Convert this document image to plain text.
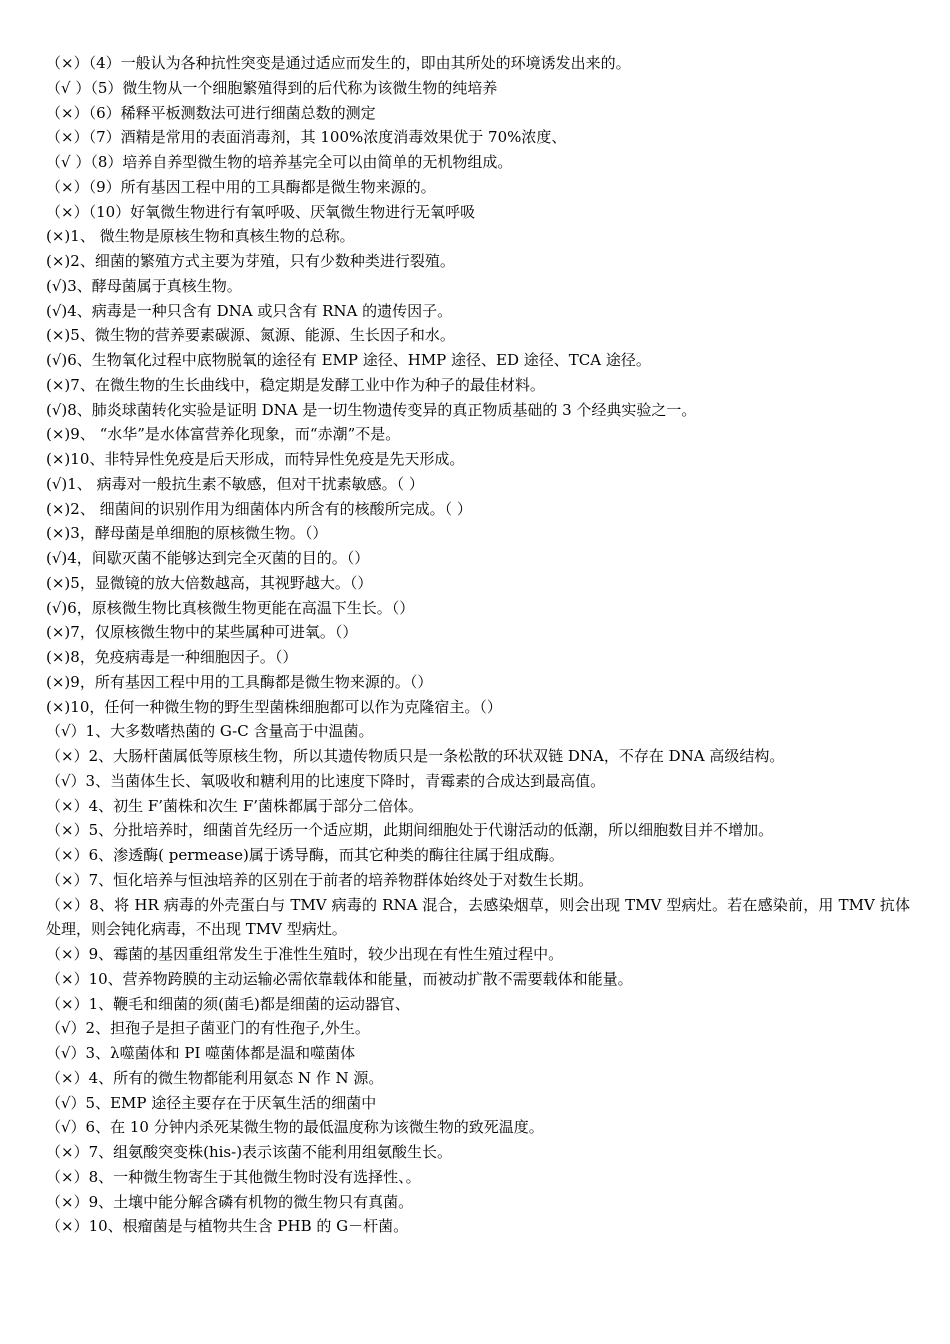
（×）（4）一般认为各种抗性突变是通过适应而发生的，即由其所处的环境诱发出来的。

（√ ）（5）微生物从一个细胞繁殖得到的后代称为该微生物的纯培养

（×）（6）稀释平板测数法可进行细菌总数的测定

（×）（7）酒精是常用的表面消毒剂，其 100%浓度消毒效果优于 70%浓度、

（√ ）（8）培养自养型微生物的培养基完全可以由简单的无机物组成。

（×）（9）所有基因工程中用的工具酶都是微生物来源的。

（×）（10）好氧微生物进行有氧呼吸、厌氧微生物进行无氧呼吸

(×)1、 微生物是原核生物和真核生物的总称。

(×)2、细菌的繁殖方式主要为芽殖，只有少数种类进行裂殖。

(√)3、酵母菌属于真核生物。

(√)4、病毒是一种只含有 DNA 或只含有 RNA 的遗传因子。

(×)5、微生物的营养要素碳源、氮源、能源、生长因子和水。

(√)6、生物氧化过程中底物脱氧的途径有 EMP 途径、HMP 途径、ED 途径、TCA 途径。

(×)7、在微生物的生长曲线中，稳定期是发酵工业中作为种子的最佳材料。

(√)8、肺炎球菌转化实验是证明 DNA 是一切生物遗传变异的真正物质基础的 3 个经典实验之一。

(×)9、 “水华”是水体富营养化现象，而“赤潮”不是。

(×)10、非特异性免疫是后天形成，而特异性免疫是先天形成。

(√)1、 病毒对一般抗生素不敏感，但对干扰素敏感。（ ）

(×)2、 细菌间的识别作用为细菌体内所含有的核酸所完成。（ ）

(×)3，酵母菌是单细胞的原核微生物。（）

(√)4，间歇灭菌不能够达到完全灭菌的目的。（）

(×)5，显微镜的放大倍数越高，其视野越大。（）

(√)6，原核微生物比真核微生物更能在高温下生长。（）

(×)7，仅原核微生物中的某些属种可进氧。（）

(×)8，免疫病毒是一种细胞因子。（）

(×)9，所有基因工程中用的工具酶都是微生物来源的。（）

(×)10，任何一种微生物的野生型菌株细胞都可以作为克隆宿主。（）

（√）1、大多数嗜热菌的 G-C 含量高于中温菌。

（×）2、大肠杆菌属低等原核生物，所以其遗传物质只是一条松散的环状双链 DNA，不存在 DNA 高级结构。

（√）3、当菌体生长、氧吸收和糖利用的比速度下降时，青霉素的合成达到最高值。

（×）4、初生 F’菌株和次生 F’菌株都属于部分二倍体。

（×）5、分批培养时，细菌首先经历一个适应期，此期间细胞处于代谢活动的低潮，所以细胞数目并不增加。

（×）6、渗透酶( permease)属于诱导酶，而其它种类的酶往往属于组成酶。

（×）7、恒化培养与恒浊培养的区别在于前者的培养物群体始终处于对数生长期。

（×）8、将 HR 病毒的外壳蛋白与 TMV 病毒的 RNA 混合，去感染烟草，则会出现 TMV 型病灶。若在感染前，用 TMV 抗体处理，则会钝化病毒，不出现 TMV 型病灶。

（×）9、霉菌的基因重组常发生于准性生殖时，较少出现在有性生殖过程中。

（×）10、营养物跨膜的主动运输必需依靠载体和能量，而被动扩散不需要载体和能量。

（×）1、鞭毛和细菌的须(菌毛)都是细菌的运动器官、

（√）2、担孢子是担子菌亚门的有性孢子,外生。

（√）3、λ噬菌体和 PI 噬菌体都是温和噬菌体

（×）4、所有的微生物都能利用氨态 N 作 N 源。

（√）5、EMP 途径主要存在于厌氧生活的细菌中

（√）6、在 10 分钟内杀死某微生物的最低温度称为该微生物的致死温度。

（×）7、组氨酸突变株(his-)表示该菌不能利用组氨酸生长。

（×）8、一种微生物寄生于其他微生物时没有选择性、。

（×）9、土壤中能分解含磷有机物的微生物只有真菌。

（×）10、根瘤菌是与植物共生含 PHB 的 G－杆菌。
